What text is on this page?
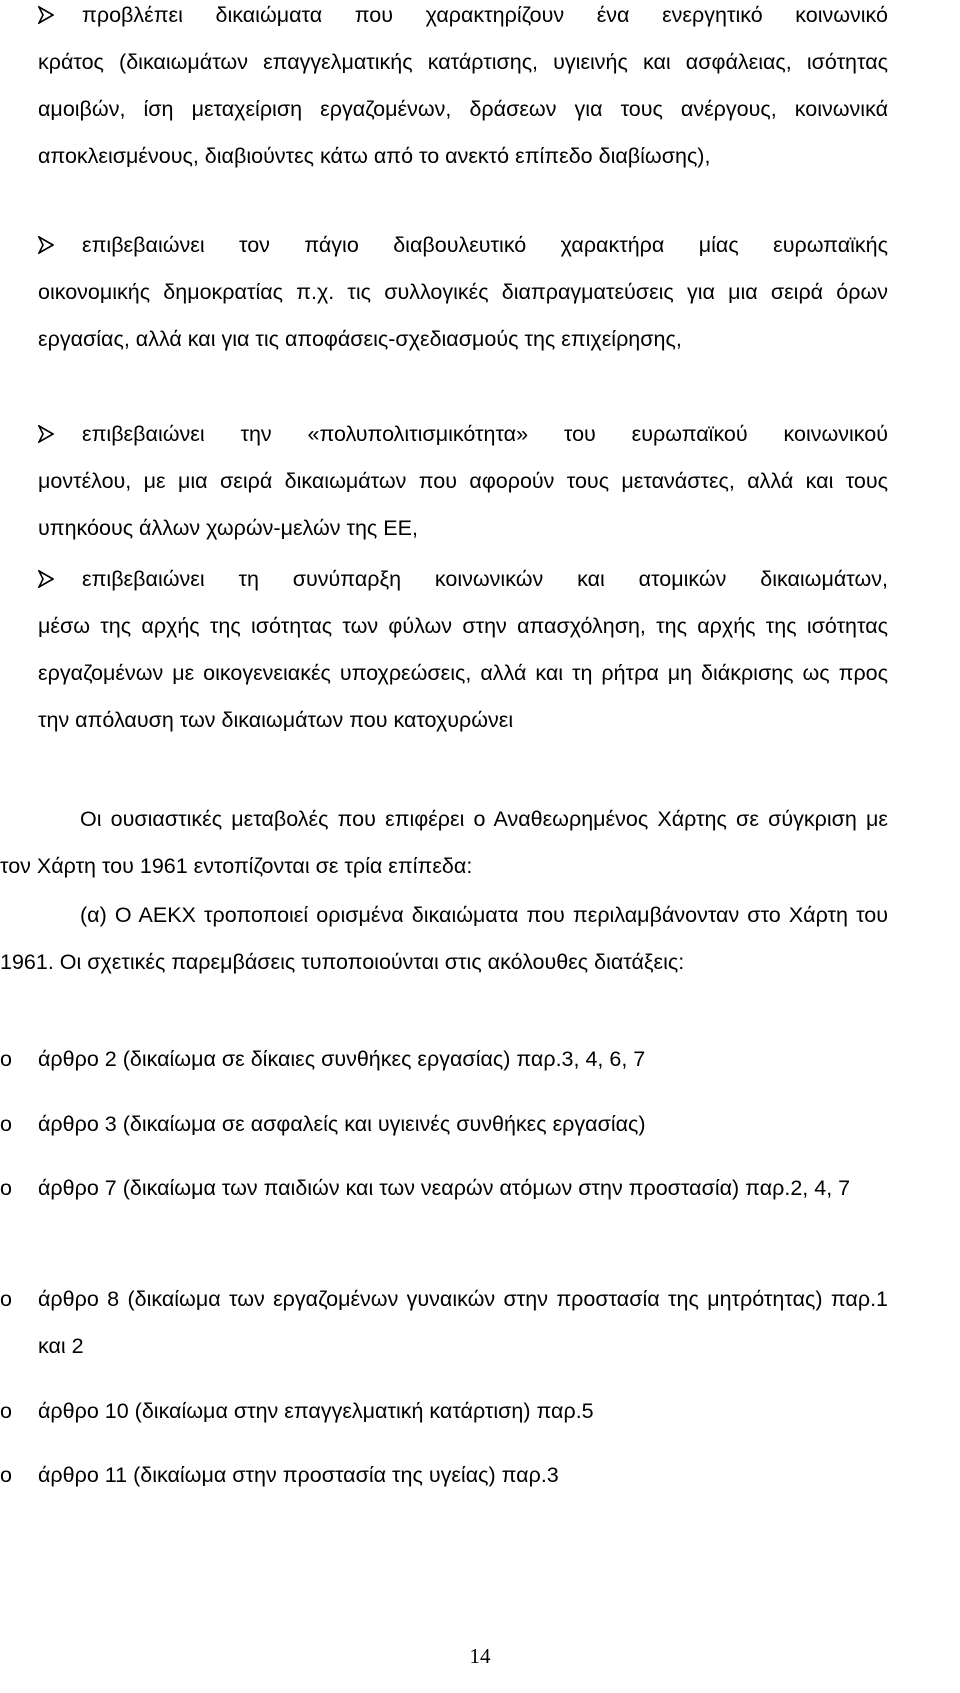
προβλέπει δικαιώματα που χαρακτηρίζουν ένα ενεργητικό κοινωνικό
κράτος (δικαιωμάτων επαγγελματικής κατάρτισης, υγιεινής και ασφάλειας, ισότητας αμοιβών, ίση μεταχείριση εργαζομένων, δράσεων για τους ανέργους, κοινωνικά αποκλεισμένους, διαβιούντες κάτω από το ανεκτό επίπεδο διαβίωσης),
επιβεβαιώνει τον πάγιο διαβουλευτικό χαρακτήρα μίας ευρωπαϊκής
οικονομικής δημοκρατίας π.χ. τις συλλογικές διαπραγματεύσεις για μια σειρά όρων εργασίας, αλλά και για τις αποφάσεις-σχεδιασμούς της επιχείρησης,
επιβεβαιώνει την «πολυπολιτισμικότητα» του ευρωπαϊκού κοινωνικού
μοντέλου, με μια σειρά δικαιωμάτων που αφορούν τους μετανάστες, αλλά και τους υπηκόους άλλων χωρών-μελών της ΕΕ,
επιβεβαιώνει τη συνύπαρξη κοινωνικών και ατομικών δικαιωμάτων,
μέσω της αρχής της ισότητας των φύλων στην απασχόληση, της αρχής της ισότητας εργαζομένων με οικογενειακές υποχρεώσεις, αλλά και τη ρήτρα μη διάκρισης ως προς την απόλαυση των δικαιωμάτων που κατοχυρώνει

Οι ουσιαστικές μεταβολές που επιφέρει ο Αναθεωρημένος Χάρτης σε σύγκριση με τον Χάρτη του 1961 εντοπίζονται σε τρία επίπεδα:

(α) Ο ΑΕΚΧ τροποποιεί ορισμένα δικαιώματα που περιλαμβάνονταν στο Χάρτη του 1961. Οι σχετικές παρεμβάσεις τυποποιούνται στις ακόλουθες διατάξεις:

o	άρθρο 2 (δικαίωμα σε δίκαιες συνθήκες εργασίας) παρ.3, 4, 6, 7
o	άρθρο 3 (δικαίωμα σε ασφαλείς και υγιεινές συνθήκες εργασίας)
o	άρθρο 7 (δικαίωμα των παιδιών και των νεαρών ατόμων στην προστασία) παρ.2, 4, 7
o	άρθρο 8 (δικαίωμα των εργαζομένων γυναικών στην προστασία της μητρότητας) παρ.1 και 2
o	άρθρο 10 (δικαίωμα στην επαγγελματική κατάρτιση) παρ.5
o	άρθρο 11 (δικαίωμα στην προστασία της υγείας) παρ.3
14
